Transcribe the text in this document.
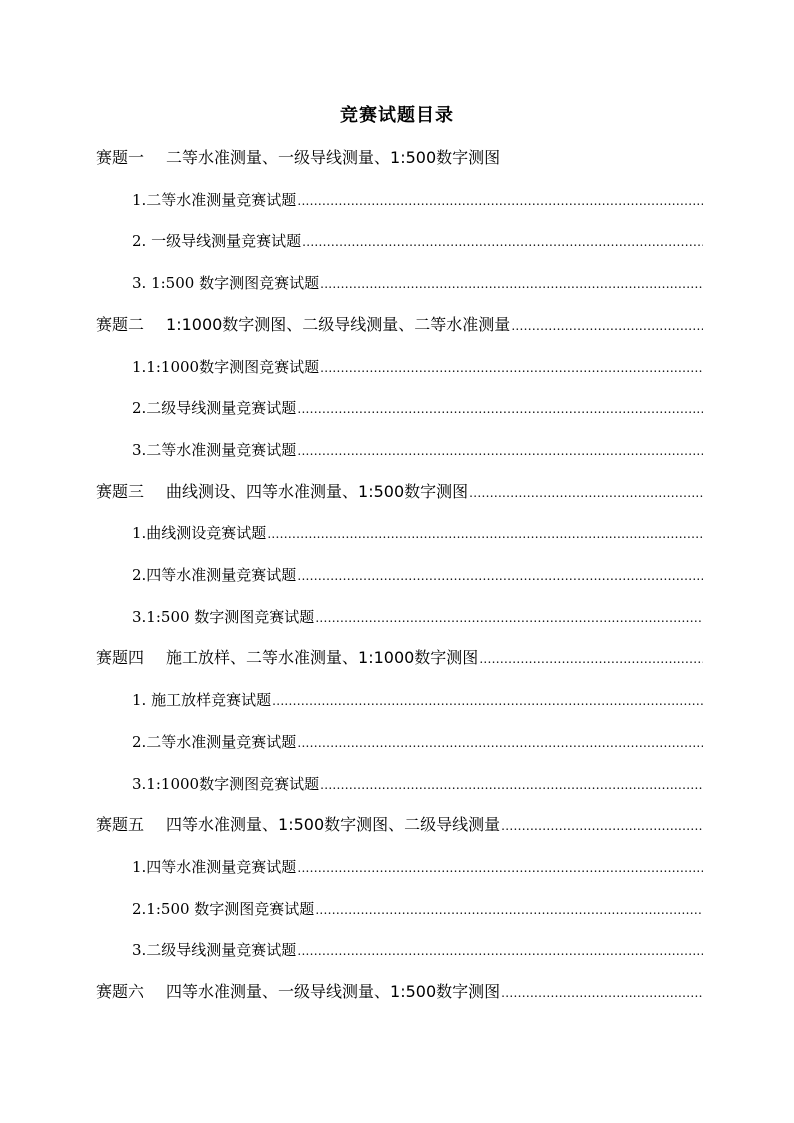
竞赛试题目录
赛题一 二等水准测量、一级导线测量、1:500数字测图
1.二等水准测量竞赛试题
.....
2. 一级导线测量竞赛试题
.....
3. 1:500 数字测图竞赛试题
.....
赛题二 1:1000数字测图、二级导线测量、二等水准测量
.....
1.1:1000数字测图竞赛试题
.....
2.二级导线测量竞赛试题
.....
3.二等水准测量竞赛试题
.....
赛题三 曲线测设、四等水准测量、1:500数字测图
.....
1.曲线测设竞赛试题
.....
2.四等水准测量竞赛试题
.....
3.1:500 数字测图竞赛试题
.....
赛题四 施工放样、二等水准测量、1:1000数字测图
.....
1. 施工放样竞赛试题
.....
2.二等水准测量竞赛试题
.....
3.1:1000数字测图竞赛试题
.....
赛题五 四等水准测量、1:500数字测图、二级导线测量
.....
1.四等水准测量竞赛试题
.....
2.1:500 数字测图竞赛试题
.....
3.二级导线测量竞赛试题
.....
赛题六 四等水准测量、一级导线测量、1:500数字测图
.....
